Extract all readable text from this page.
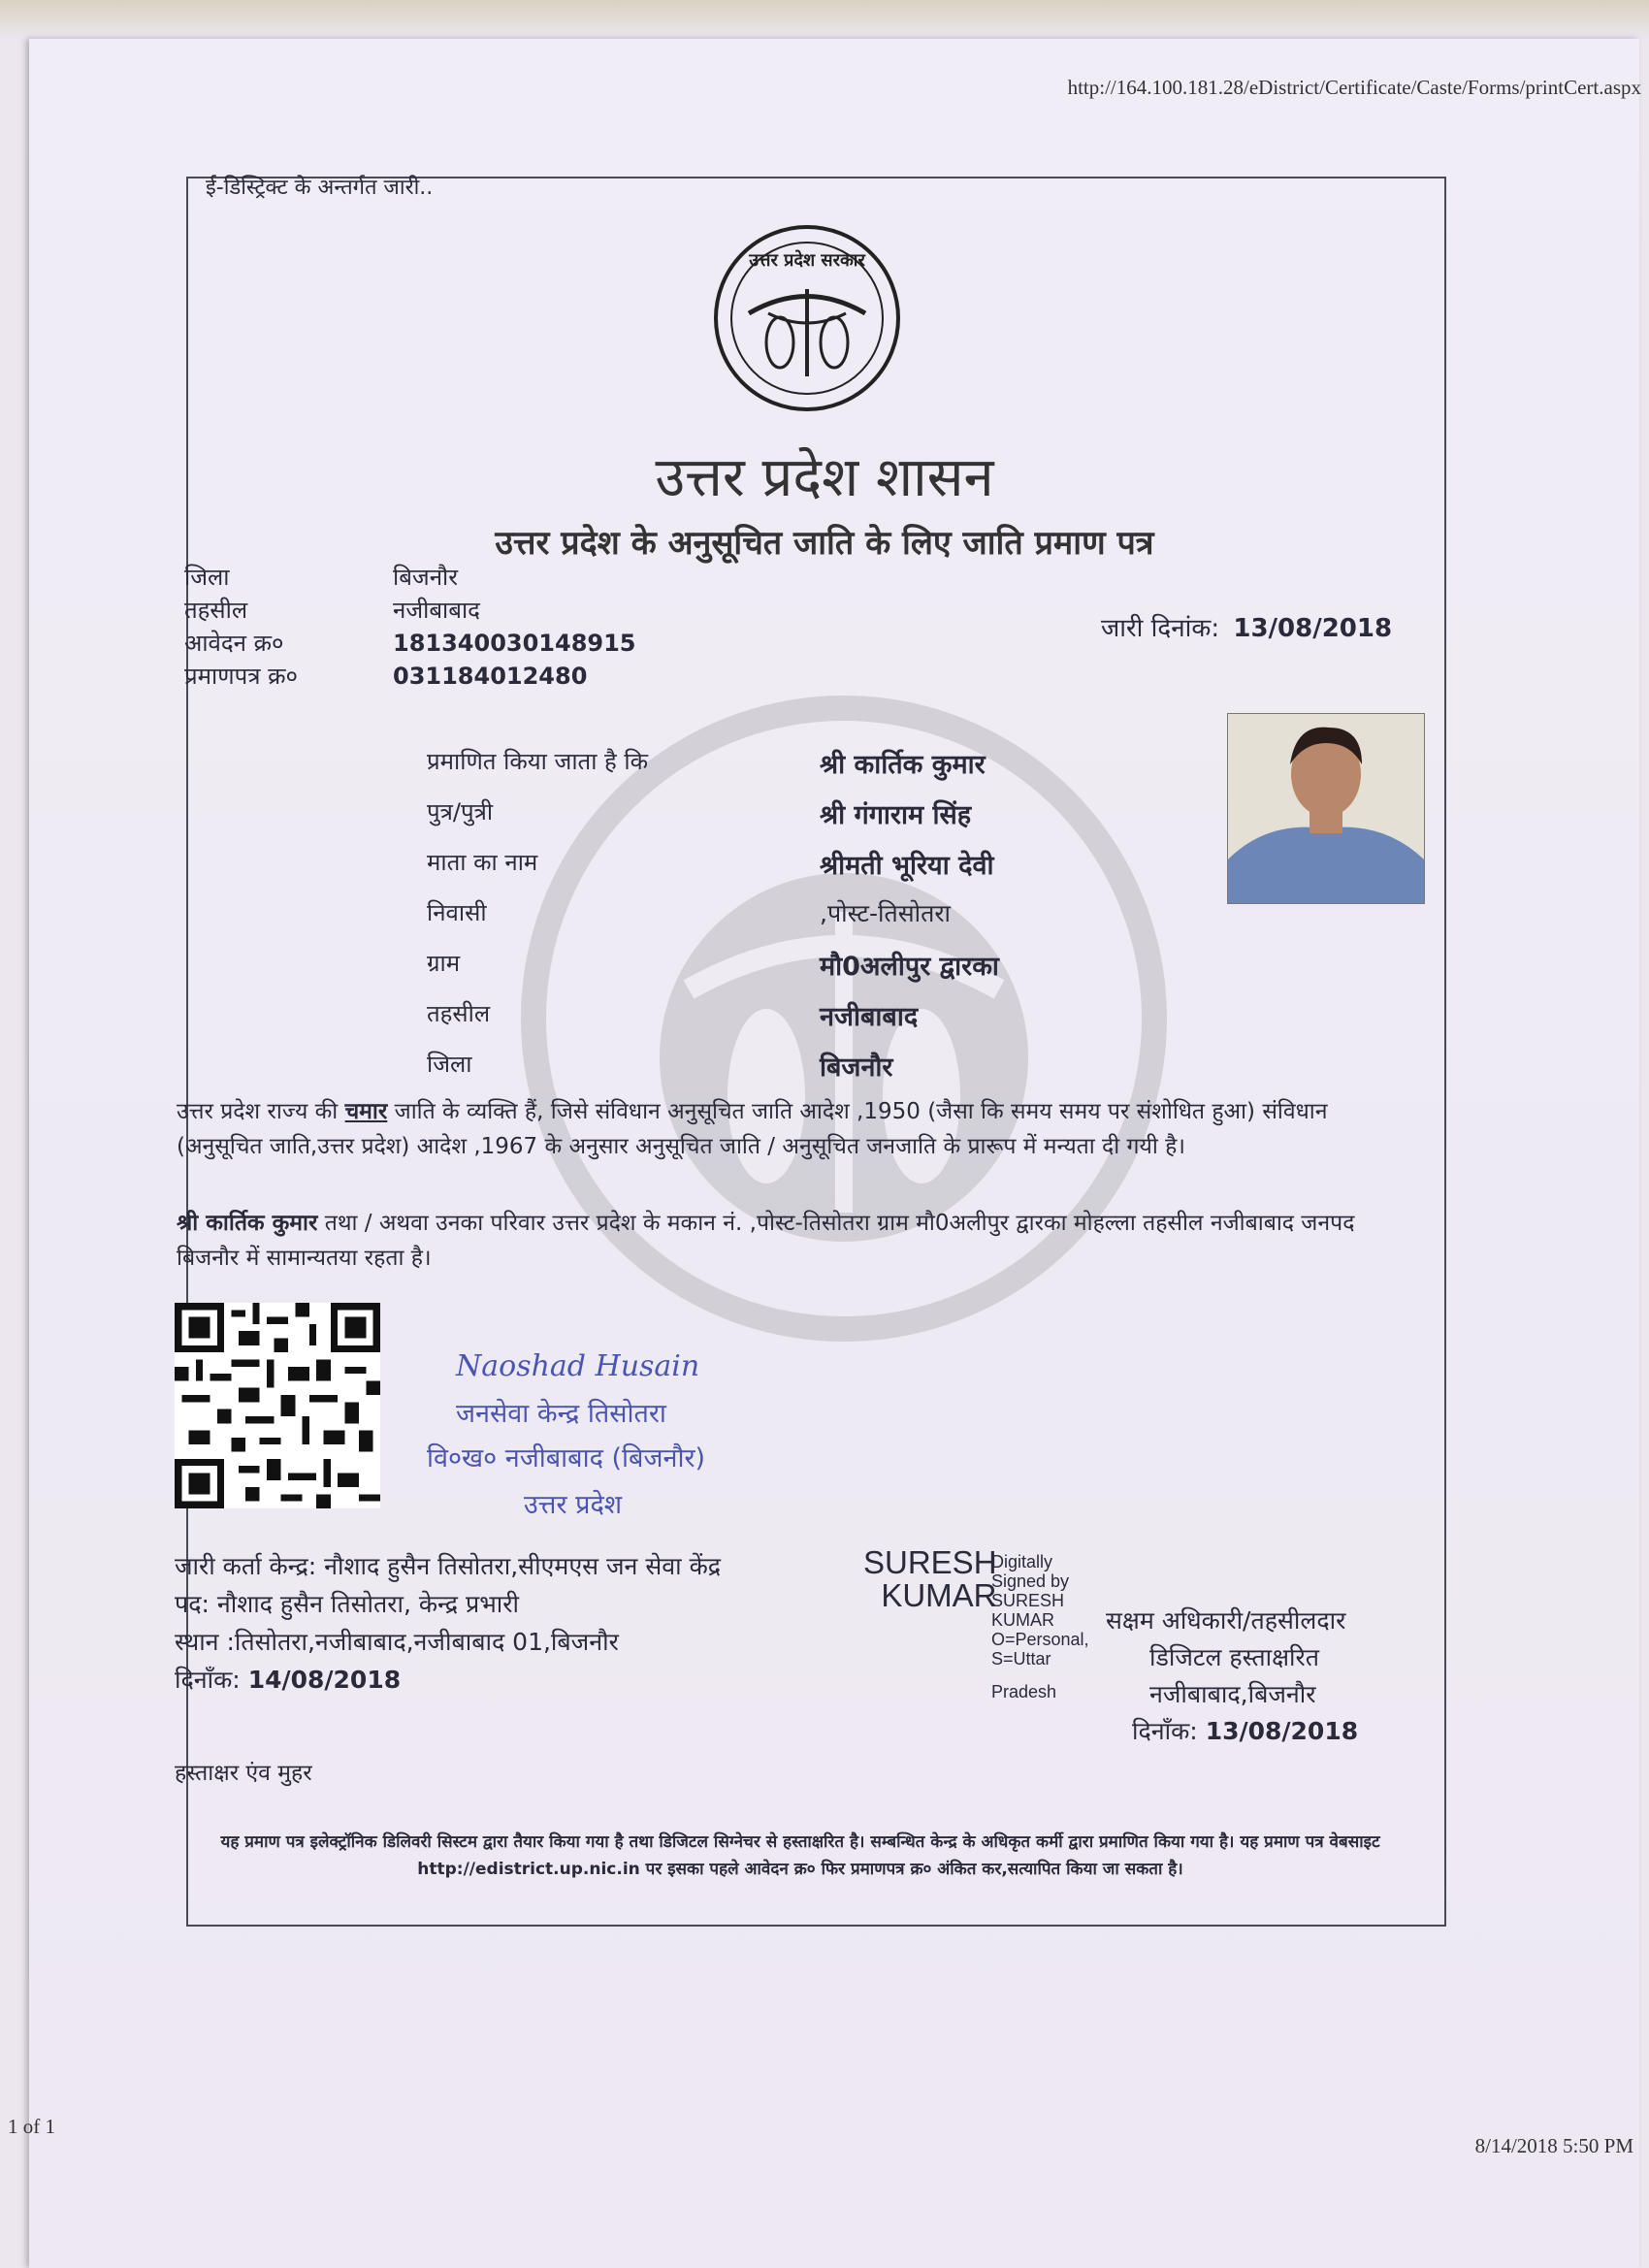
http://164.100.181.28/eDistrict/Certificate/Caste/Forms/printCert.aspx
ई-डिस्ट्रिक्ट के अन्तर्गत जारी..
उत्तर प्रदेश सरकार
उत्तर प्रदेश शासन
उत्तर प्रदेश के अनुसूचित जाति के लिए जाति प्रमाण पत्र
जिला	बिजनौर
तहसील	नजीबाबाद
आवेदन क्र०	181340030148915
प्रमाणपत्र क्र०	031184012480
जारी दिनांक: 13/08/2018
प्रमाणित किया जाता है कि	श्री कार्तिक कुमार
पुत्र/पुत्री	श्री गंगाराम सिंह
माता का नाम	श्रीमती भूरिया देवी
निवासी	,पोस्ट-तिसोतरा
ग्राम	मौ0अलीपुर द्वारका
तहसील	नजीबाबाद
जिला	बिजनौर
उत्तर प्रदेश राज्य की चमार जाति के व्यक्ति हैं, जिसे संविधान अनुसूचित जाति आदेश ,1950 (जैसा कि समय समय पर संशोधित हुआ) संविधान (अनुसूचित जाति,उत्तर प्रदेश) आदेश ,1967 के अनुसार अनुसूचित जाति / अनुसूचित जनजाति के प्रारूप में मन्यता दी गयी है।
श्री कार्तिक कुमार तथा / अथवा उनका परिवार उत्तर प्रदेश के मकान नं. ,पोस्ट-तिसोतरा ग्राम मौ0अलीपुर द्वारका मोहल्ला तहसील नजीबाबाद जनपद बिजनौर में सामान्यतया रहता है।
Naoshad Husain
जनसेवा केन्द्र तिसोतरा
वि०ख० नजीबाबाद (बिजनौर)
उत्तर प्रदेश
जारी कर्ता केन्द्र: नौशाद हुसैन तिसोतरा,सीएमएस जन सेवा केंद्र
पद: नौशाद हुसैन तिसोतरा, केन्द्र प्रभारी
स्थान :तिसोतरा,नजीबाबाद,नजीबाबाद 01,बिजनौर
दिनाँक: 14/08/2018
SURESH
KUMAR
Digitally
Signed by
SURESH
KUMAR
O=Personal,
S=Uttar
Pradesh
सक्षम अधिकारी/तहसीलदार
डिजिटल हस्ताक्षरित
नजीबाबाद,बिजनौर
दिनाँक: 13/08/2018
हस्ताक्षर एंव मुहर
यह प्रमाण पत्र इलेक्ट्रॉनिक डिलिवरी सिस्टम द्वारा तैयार किया गया है तथा डिजिटल सिग्नेचर से हस्ताक्षरित है। सम्बन्धित केन्द्र के अधिकृत कर्मी द्वारा प्रमाणित किया गया है। यह प्रमाण पत्र वेबसाइट http://edistrict.up.nic.in पर इसका पहले आवेदन क्र० फिर प्रमाणपत्र क्र० अंकित कर,सत्यापित किया जा सकता है।
1 of 1
8/14/2018 5:50 PM
